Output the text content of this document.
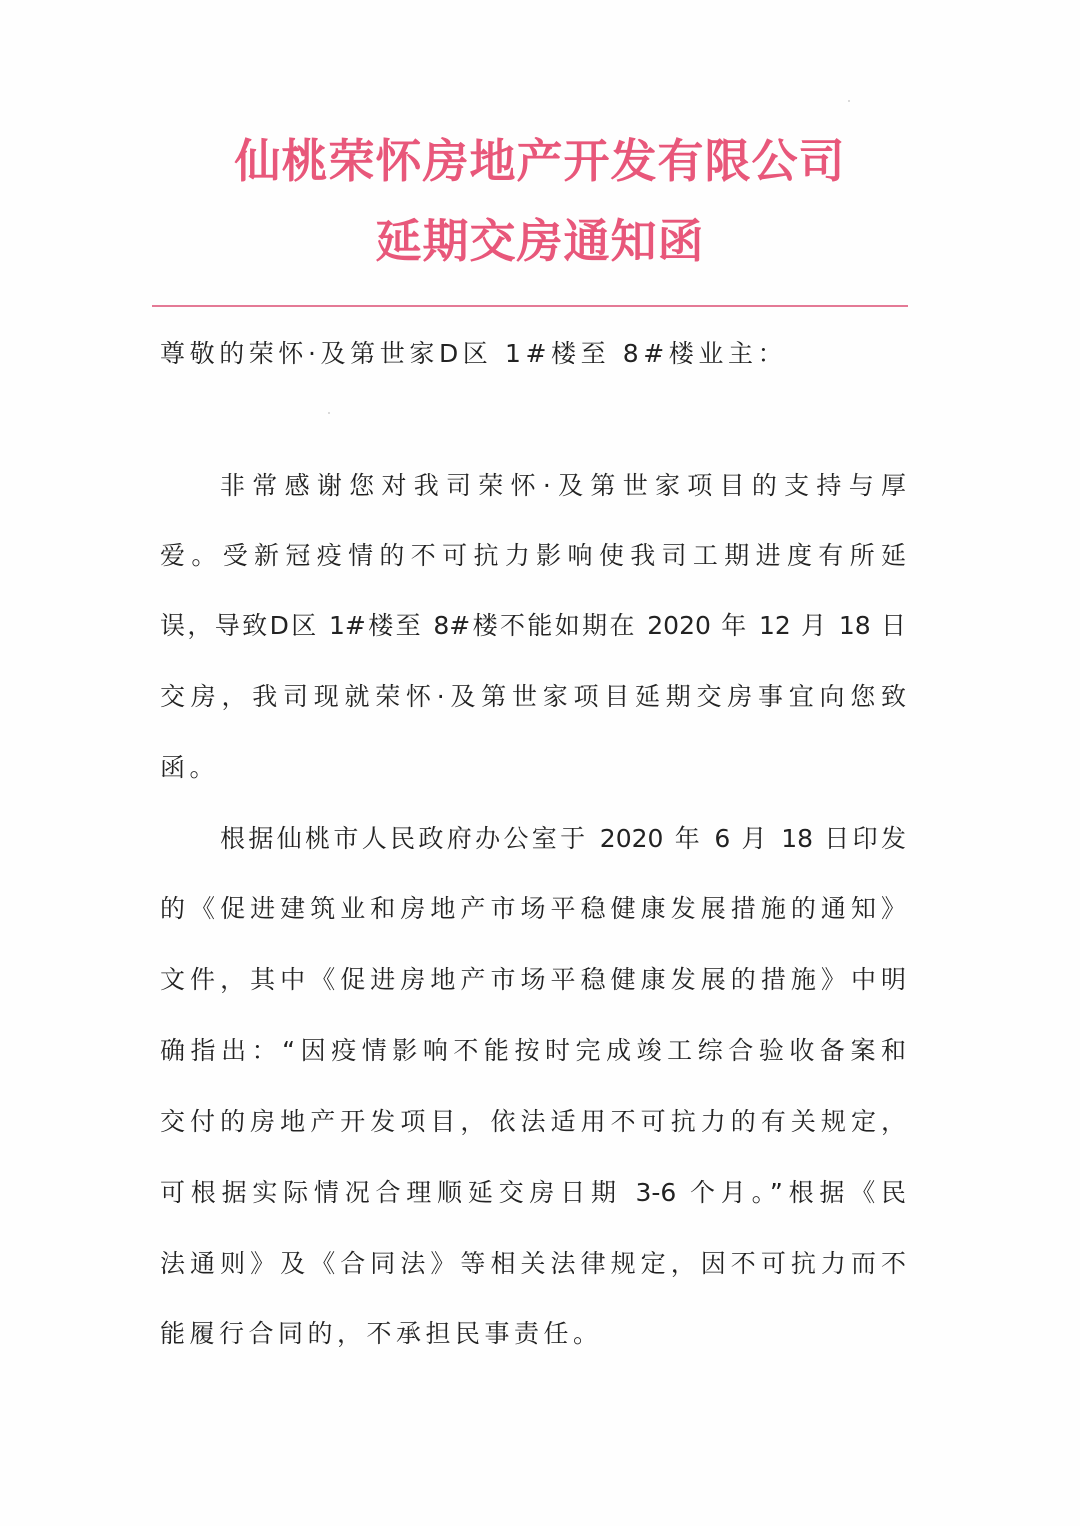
仙桃荣怀房地产开发有限公司
延期交房通知函
尊敬的荣怀·及第世家D区 1#楼至 8#楼业主：
非常感谢您对我司荣怀·及第世家项目的支持与厚
爱。受新冠疫情的不可抗力影响使我司工期进度有所延
误，导致D区 1#楼至 8#楼不能如期在 2020 年 12 月 18 日
交房，我司现就荣怀·及第世家项目延期交房事宜向您致
函。
根据仙桃市人民政府办公室于 2020 年 6 月 18 日印发
的《促进建筑业和房地产市场平稳健康发展措施的通知》
文件，其中《促进房地产市场平稳健康发展的措施》中明
确指出：“因疫情影响不能按时完成竣工综合验收备案和
交付的房地产开发项目，依法适用不可抗力的有关规定，
可根据实际情况合理顺延交房日期 3-6 个月。”根据《民
法通则》及《合同法》等相关法律规定，因不可抗力而不
能履行合同的，不承担民事责任。
